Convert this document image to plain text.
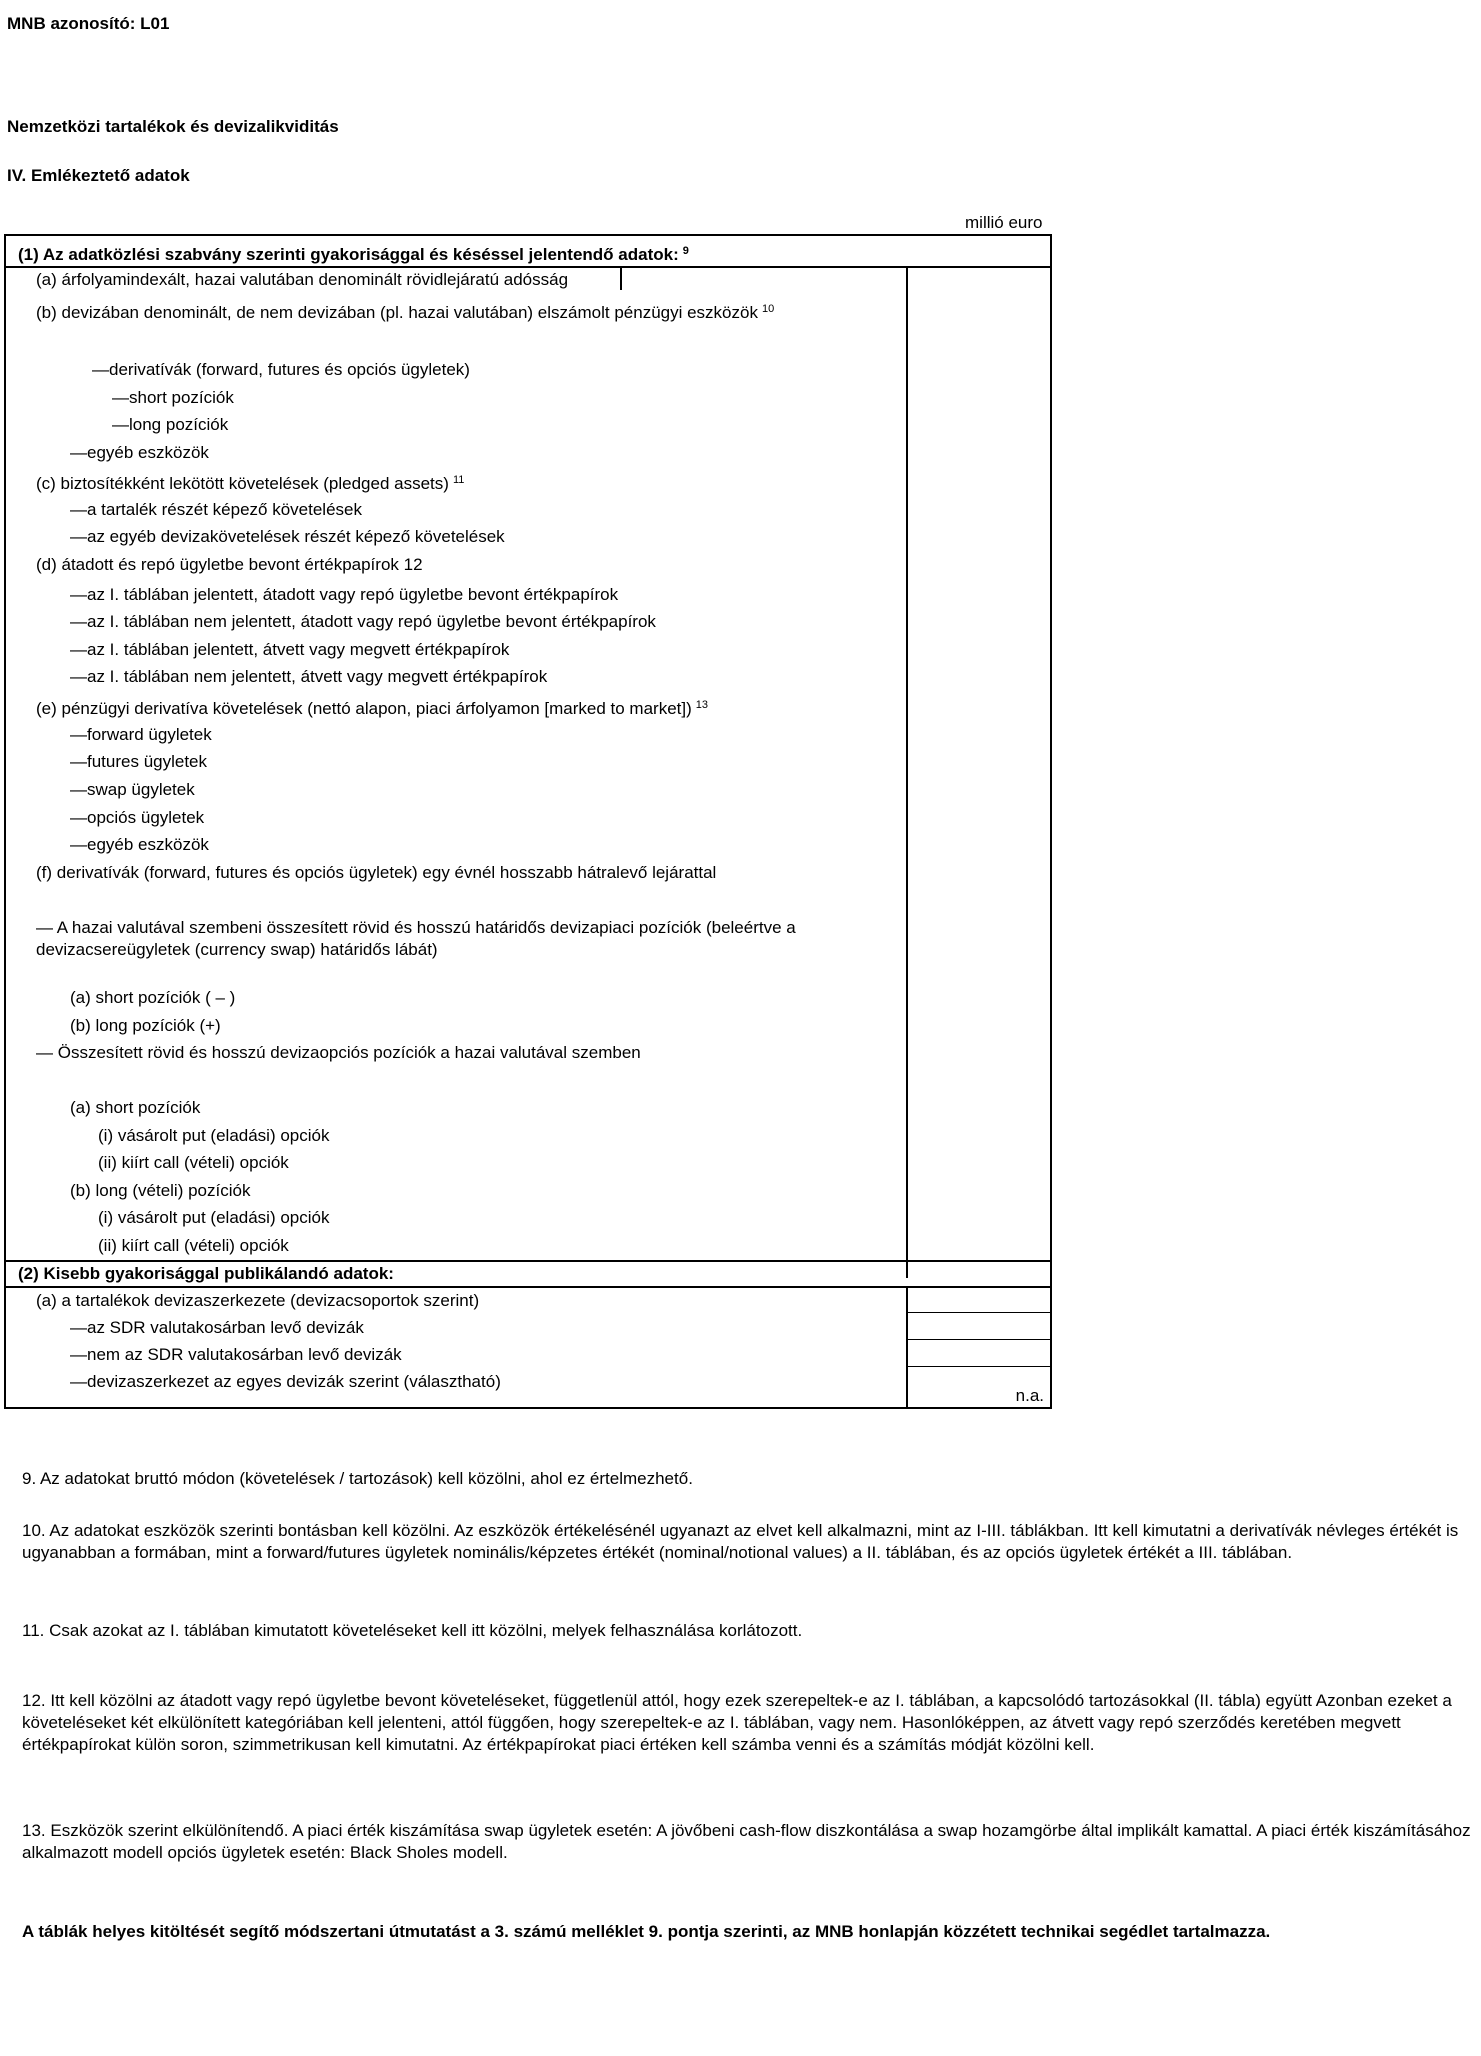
MNB azonosító: L01
Nemzetközi tartalékok és devizalikviditás
IV. Emlékeztető adatok
millió euro
(1) Az adatközlési szabvány szerinti gyakorisággal és késéssel jelentendő adatok: $^9$
(a) árfolyamindexált, hazai valutában denominált rövidlejáratú adósság
(b) devizában denominált, de nem devizában (pl. hazai valutában) elszámolt pénzügyi eszközök $^{10}$
—derivatívák (forward, futures és opciós ügyletek)
—short pozíciók
—long pozíciók
—egyéb eszközök
(c) biztosítékként lekötött követelések (pledged assets) $^{11}$
—a tartalék részét képező követelések
—az egyéb devizakövetelések részét képező követelések
(d) átadott és repó ügyletbe bevont értékpapírok 12
—az I. táblában jelentett, átadott vagy repó ügyletbe bevont értékpapírok
—az I. táblában nem jelentett, átadott vagy repó ügyletbe bevont értékpapírok
—az I. táblában jelentett, átvett vagy megvett értékpapírok
—az I. táblában nem jelentett, átvett vagy megvett értékpapírok
(e) pénzügyi derivatíva követelések (nettó alapon, piaci árfolyamon [marked to market]) $^{13}$
—forward ügyletek
—futures ügyletek
—swap ügyletek
—opciós ügyletek
—egyéb eszközök
(f) derivatívák (forward, futures és opciós ügyletek) egy évnél hosszabb hátralevő lejárattal
— A hazai valutával szembeni összesített rövid és hosszú határidős devizapiaci pozíciók (beleértve a
devizacsereügyletek (currency swap) határidős lábát)
(a) short pozíciók ( – )
(b) long pozíciók (+)
— Összesített rövid és hosszú devizaopciós pozíciók a hazai valutával szemben
(a) short pozíciók
(i) vásárolt put (eladási) opciók
(ii) kiírt call (vételi) opciók
(b) long (vételi) pozíciók
(i) vásárolt put (eladási) opciók
(ii) kiírt call (vételi) opciók
(2) Kisebb gyakorisággal publikálandó adatok:
(a) a tartalékok devizaszerkezete (devizacsoportok szerint)
—az SDR valutakosárban levő devizák
—nem az SDR valutakosárban levő devizák
—devizaszerkezet az egyes devizák szerint (választható)
n.a.
9. Az adatokat bruttó módon (követelések / tartozások) kell közölni, ahol ez értelmezhető.
10. Az adatokat eszközök szerinti bontásban kell közölni. Az eszközök értékelésénél ugyanazt az elvet kell alkalmazni, mint az I-III. táblákban. Itt kell kimutatni a derivatívák névleges értékét is ugyanabban a formában, mint a forward/futures ügyletek nominális/képzetes értékét (nominal/notional values) a II. táblában, és az opciós ügyletek értékét a III. táblában.
11. Csak azokat az I. táblában kimutatott követeléseket kell itt közölni, melyek felhasználása korlátozott.
12. Itt kell közölni az átadott vagy repó ügyletbe bevont követeléseket, függetlenül attól, hogy ezek szerepeltek-e az I. táblában, a kapcsolódó tartozásokkal (II. tábla) együtt Azonban ezeket a követeléseket két elkülönített kategóriában kell jelenteni, attól függően, hogy szerepeltek-e az I. táblában, vagy nem. Hasonlóképpen, az átvett vagy repó szerződés keretében megvett értékpapírokat külön soron, szimmetrikusan kell kimutatni. Az értékpapírokat piaci értéken kell számba venni és a számítás módját közölni kell.
13. Eszközök szerint elkülönítendő. A piaci érték kiszámítása swap ügyletek esetén: A jövőbeni cash-flow diszkontálása a swap hozamgörbe által implikált kamattal. A piaci érték kiszámításához alkalmazott modell opciós ügyletek esetén: Black Sholes modell.
A táblák helyes kitöltését segítő módszertani útmutatást a 3. számú melléklet 9. pontja szerinti, az MNB honlapján közzétett technikai segédlet tartalmazza.
